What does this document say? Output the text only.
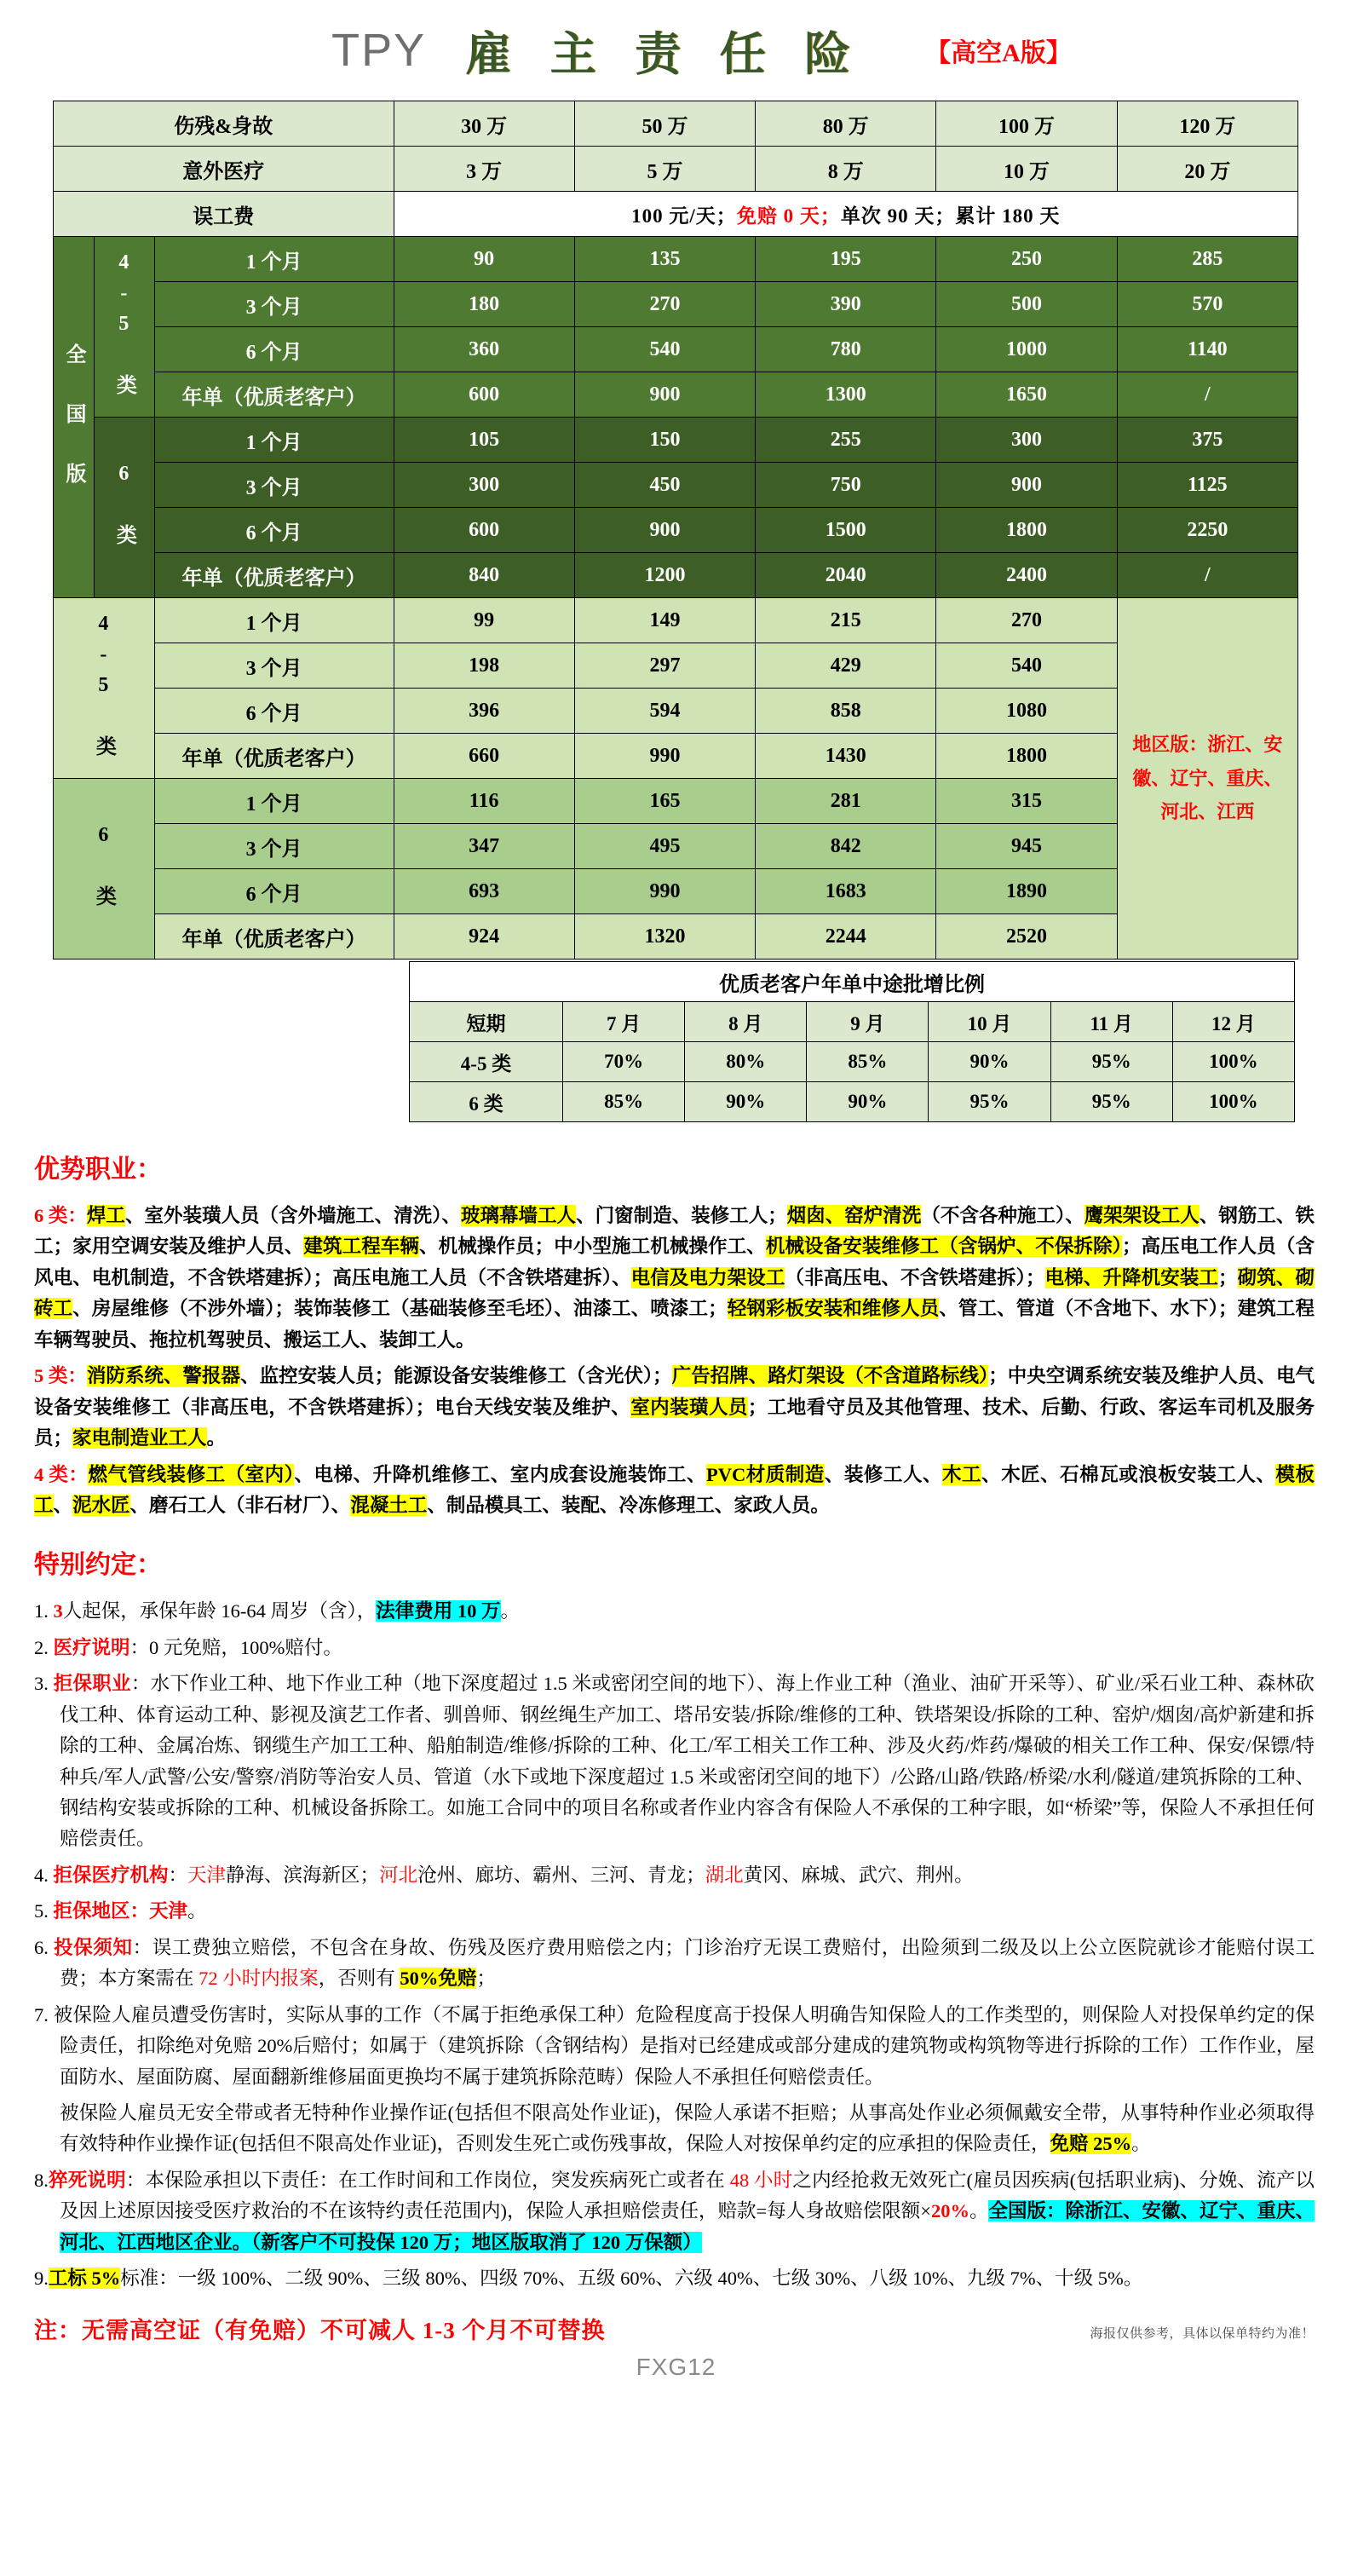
TPY 雇 主 责 任 险 【高空A版】
伤残&身故			30 万	50 万	80 万	100 万	120 万
意外医疗			3 万	5 万	8 万	10 万	20 万
误工费			100 元/天；免赔 0 天；单次 90 天；累计 180 天				
全 国 版	4-5 类	1 个月	90	135	195	250	285
		3 个月	180	270	390	500	570
		6 个月	360	540	780	1000	1140
		年单（优质老客户）	600	900	1300	1650	/
	6 类	1 个月	105	150	255	300	375
		3 个月	300	450	750	900	1125
		6 个月	600	900	1500	1800	2250
		年单（优质老客户）	840	1200	2040	2400	/
4-5 类		1 个月	99	149	215	270	地区版：浙江、安徽、辽宁、重庆、河北、江西
		3 个月	198	297	429	540	
		6 个月	396	594	858	1080	
		年单（优质老客户）	660	990	1430	1800	
6 类		1 个月	116	165	281	315	
		3 个月	347	495	842	945	
		6 个月	693	990	1683	1890	
		年单（优质老客户）	924	1320	2244	2520	
优质老客户年单中途批增比例						
短期	7 月	8 月	9 月	10 月	11 月	12 月
4-5 类	70%	80%	85%	90%	95%	100%
6 类	85%	90%	90%	95%	95%	100%
优势职业：

6 类：焊工、室外装璜人员（含外墙施工、清洗）、玻璃幕墙工人、门窗制造、装修工人；烟囱、窑炉清洗（不含各种施工）、鹰架架设工人、钢筋工、铁工；家用空调安装及维护人员、建筑工程车辆、机械操作员；中小型施工机械操作工、机械设备安装维修工（含锅炉、不保拆除）；高压电工作人员（含风电、电机制造，不含铁塔建拆）；高压电施工人员（不含铁塔建拆）、电信及电力架设工（非高压电、不含铁塔建拆）；电梯、升降机安装工；砌筑、砌砖工、房屋维修（不涉外墙）；装饰装修工（基础装修至毛坯）、油漆工、喷漆工；轻钢彩板安装和维修人员、管工、管道（不含地下、水下）；建筑工程车辆驾驶员、拖拉机驾驶员、搬运工人、装卸工人。

5 类：消防系统、警报器、监控安装人员；能源设备安装维修工（含光伏）；广告招牌、路灯架设（不含道路标线）；中央空调系统安装及维护人员、电气设备安装维修工（非高压电，不含铁塔建拆）；电台天线安装及维护、室内装璜人员；工地看守员及其他管理、技术、后勤、行政、客运车司机及服务员；家电制造业工人。

4 类：燃气管线装修工（室内）、电梯、升降机维修工、室内成套设施装饰工、PVC材质制造、装修工人、木工、木匠、石棉瓦或浪板安装工人、模板工、泥水匠、磨石工人（非石材厂）、混凝土工、制品模具工、装配、冷冻修理工、家政人员。

特别约定：

1. 3人起保，承保年龄 16-64 周岁（含），法律费用 10 万。

2. 医疗说明：0 元免赔，100%赔付。

3. 拒保职业：水下作业工种、地下作业工种（地下深度超过 1.5 米或密闭空间的地下）、海上作业工种（渔业、油矿开采等）、矿业/采石业工种、森林砍伐工种、体育运动工种、影视及演艺工作者、驯兽师、钢丝绳生产加工、塔吊安装/拆除/维修的工种、铁塔架设/拆除的工种、窑炉/烟囱/高炉新建和拆除的工种、金属冶炼、钢缆生产加工工种、船舶制造/维修/拆除的工种、化工/军工相关工作工种、涉及火药/炸药/爆破的相关工作工种、保安/保镖/特种兵/军人/武警/公安/警察/消防等治安人员、管道（水下或地下深度超过 1.5 米或密闭空间的地下）/公路/山路/铁路/桥梁/水利/隧道/建筑拆除的工种、钢结构安装或拆除的工种、机械设备拆除工。如施工合同中的项目名称或者作业内容含有保险人不承保的工种字眼，如“桥梁”等，保险人不承担任何赔偿责任。

4. 拒保医疗机构：天津静海、滨海新区；河北沧州、廊坊、霸州、三河、青龙；湖北黄冈、麻城、武穴、荆州。

5. 拒保地区：天津。

6. 投保须知：误工费独立赔偿，不包含在身故、伤残及医疗费用赔偿之内；门诊治疗无误工费赔付，出险须到二级及以上公立医院就诊才能赔付误工费；本方案需在 72 小时内报案，否则有 50%免赔；

7. 被保险人雇员遭受伤害时，实际从事的工作（不属于拒绝承保工种）危险程度高于投保人明确告知保险人的工作类型的，则保险人对投保单约定的保险责任，扣除绝对免赔 20%后赔付；如属于（建筑拆除（含钢结构）是指对已经建成或部分建成的建筑物或构筑物等进行拆除的工作）工作作业，屋面防水、屋面防腐、屋面翻新维修届面更换均不属于建筑拆除范畴）保险人不承担任何赔偿责任。

被保险人雇员无安全带或者无特种作业操作证(包括但不限高处作业证)，保险人承诺不拒赔；从事高处作业必须佩戴安全带，从事特种作业必须取得有效特种作业操作证(包括但不限高处作业证)，否则发生死亡或伤残事故，保险人对按保单约定的应承担的保险责任，免赔 25%。

8.猝死说明：本保险承担以下责任：在工作时间和工作岗位，突发疾病死亡或者在 48 小时之内经抢救无效死亡(雇员因疾病(包括职业病)、分娩、流产以及因上述原因接受医疗救治的不在该特约责任范围内)，保险人承担赔偿责任，赔款=每人身故赔偿限额×20%。全国版：除浙江、安徽、辽宁、重庆、河北、江西地区企业。（新客户不可投保 120 万；地区版取消了 120 万保额）

9.工标 5%标准：一级 100%、二级 90%、三级 80%、四级 70%、五级 60%、六级 40%、七级 30%、八级 10%、九级 7%、十级 5%。

注：无需高空证（有免赔）不可减人 1-3 个月不可替换	海报仅供参考，具体以保单特约为准！
FXG12
